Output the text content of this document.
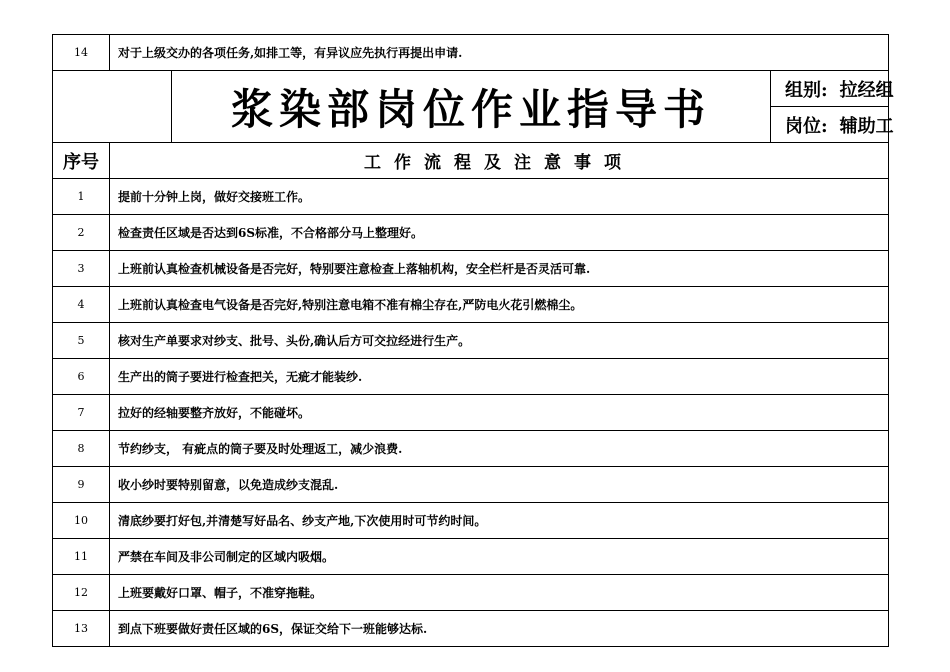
14	对于上级交办的各项任务,如排工等，有异议应先执行再提出申请.		
		浆染部岗位作业指导书	组别: 拉经组
			岗位: 辅助工
序号	工作流程及注意事项		
1	提前十分钟上岗，做好交接班工作。		
2	检查责任区域是否达到6S标准，不合格部分马上整理好。		
3	上班前认真检查机械设备是否完好，特别要注意检查上落轴机构，安全栏杆是否灵活可靠.		
4	上班前认真检查电气设备是否完好,特别注意电箱不准有棉尘存在,严防电火花引燃棉尘。		
5	核对生产单要求对纱支、批号、头份,确认后方可交拉经进行生产。		
6	生产出的筒子要进行检查把关，无疵才能装纱.		
7	拉好的经轴要整齐放好，不能碰坏。		
8	节约纱支， 有疵点的筒子要及时处理返工，减少浪费.		
9	收小纱时要特别留意，以免造成纱支混乱.		
10	清底纱要打好包,并清楚写好品名、纱支产地,下次使用时可节约时间。		
11	严禁在车间及非公司制定的区域内吸烟。		
12	上班要戴好口罩、帽子，不准穿拖鞋。		
13	到点下班要做好责任区域的6S，保证交给下一班能够达标.		
